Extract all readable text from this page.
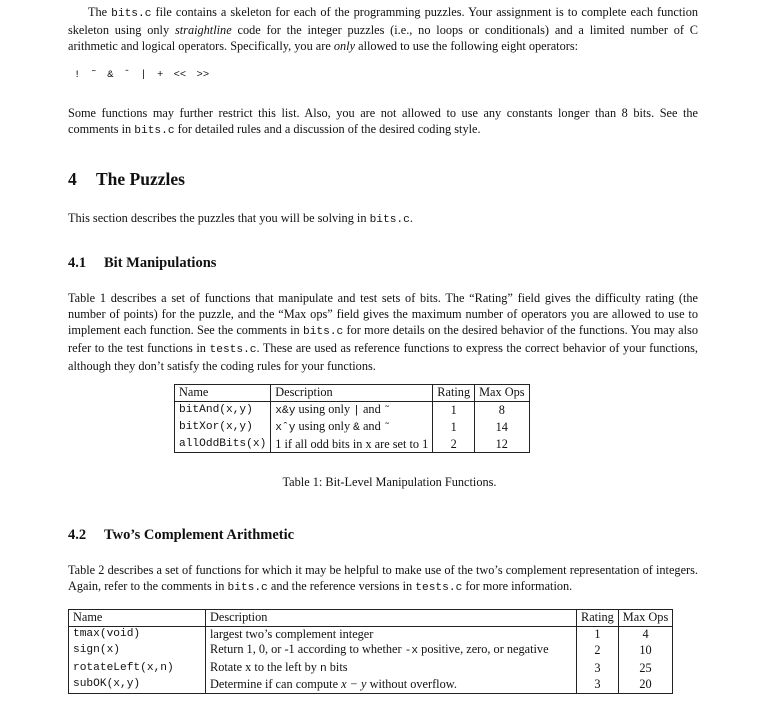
The bits.c file contains a skeleton for each of the programming puzzles. Your assignment is to complete each function skeleton using only straightline code for the integer puzzles (i.e., no loops or conditionals) and a limited number of C arithmetic and logical operators. Specifically, you are only allowed to use the following eight operators:
! ˜ & ˆ | + << >>
Some functions may further restrict this list. Also, you are not allowed to use any constants longer than 8 bits. See the comments in bits.c for detailed rules and a discussion of the desired coding style.
4 The Puzzles
This section describes the puzzles that you will be solving in bits.c.
4.1 Bit Manipulations
Table 1 describes a set of functions that manipulate and test sets of bits. The “Rating” field gives the difficulty rating (the number of points) for the puzzle, and the “Max ops” field gives the maximum number of operators you are allowed to use to implement each function. See the comments in bits.c for more details on the desired behavior of the functions. You may also refer to the test functions in tests.c. These are used as reference functions to express the correct behavior of your functions, although they don’t satisfy the coding rules for your functions.
Name	Description	Rating	Max Ops
bitAnd(x,y)	x&y using only | and ˜	1	8
bitXor(x,y)	xˆy using only & and ˜	1	14
allOddBits(x)	1 if all odd bits in x are set to 1	2	12
Table 1: Bit-Level Manipulation Functions.
4.2 Two’s Complement Arithmetic
Table 2 describes a set of functions for which it may be helpful to make use of the two’s complement representation of integers. Again, refer to the comments in bits.c and the reference versions in tests.c for more information.
Name	Description	Rating	Max Ops
tmax(void)	largest two’s complement integer	1	4
sign(x)	Return 1, 0, or -1 according to whether -x positive, zero, or negative	2	10
rotateLeft(x,n)	Rotate x to the left by n bits	3	25
subOK(x,y)	Determine if can compute x − y without overflow.	3	20
